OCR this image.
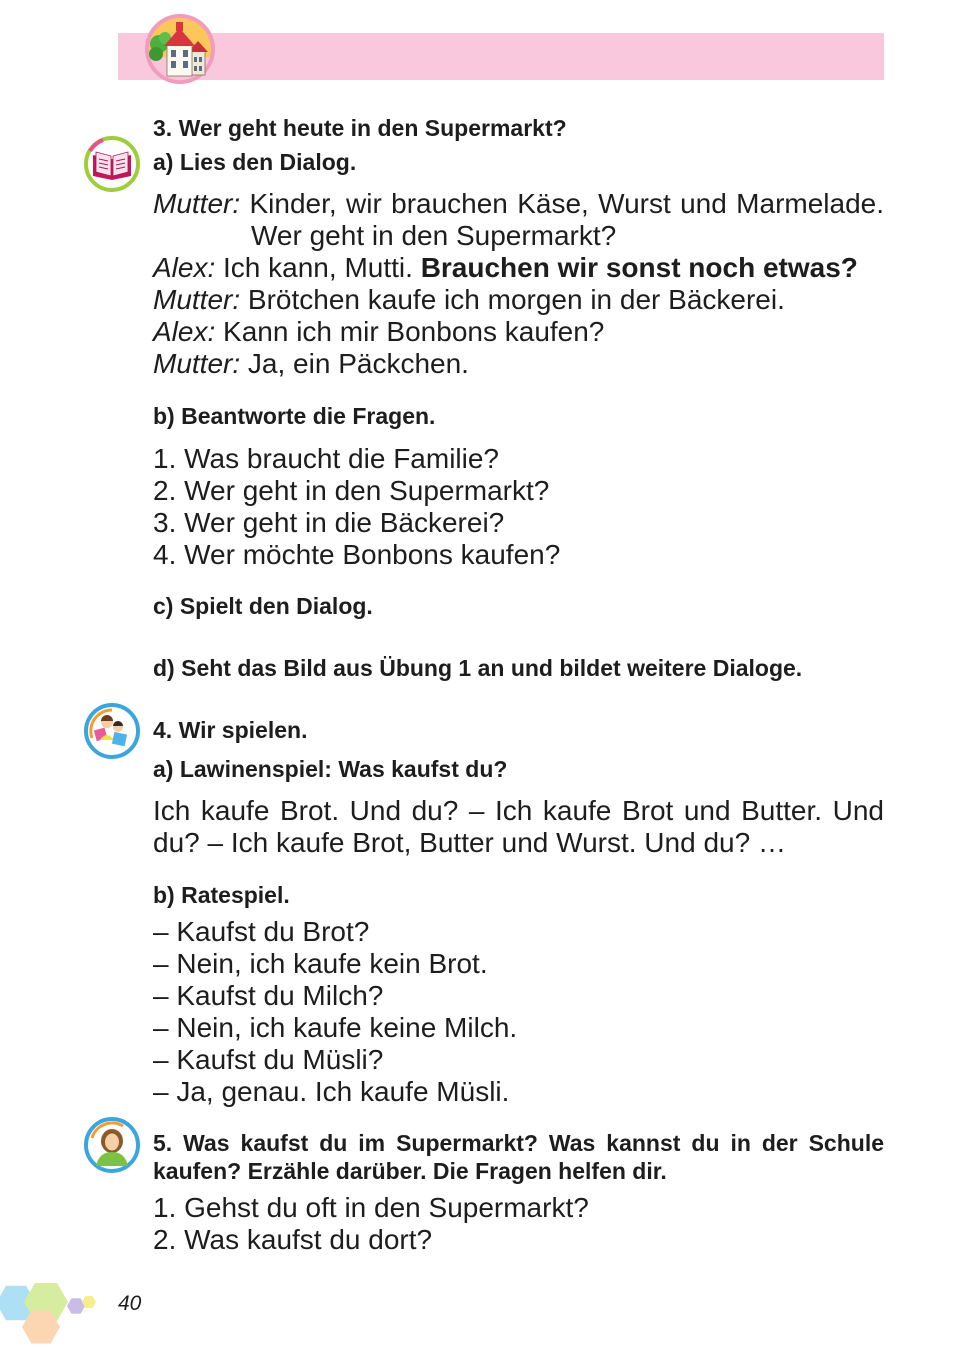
3. Wer geht heute in den Supermarkt?
a) Lies den Dialog.
Mutter: Kinder, wir brauchen Käse, Wurst und Marmelade.
Wer geht in den Supermarkt?
Alex: Ich kann, Mutti. Brauchen wir sonst noch etwas?
Mutter: Brötchen kaufe ich morgen in der Bäckerei.
Alex: Kann ich mir Bonbons kaufen?
Mutter: Ja, ein Päckchen.
b) Beantworte die Fragen.
1. Was braucht die Familie?
2. Wer geht in den Supermarkt?
3. Wer geht in die Bäckerei?
4. Wer möchte Bonbons kaufen?
c) Spielt den Dialog.
d) Seht das Bild aus Übung 1 an und bildet weitere Dialoge.
4. Wir spielen.
a) Lawinenspiel: Was kaufst du?
Ich kaufe Brot. Und du? – Ich kaufe Brot und Butter. Und
du? – Ich kaufe Brot, Butter und Wurst. Und du? …
b) Ratespiel.
– Kaufst du Brot?
– Nein, ich kaufe kein Brot.
– Kaufst du Milch?
– Nein, ich kaufe keine Milch.
– Kaufst du Müsli?
– Ja, genau. Ich kaufe Müsli.
5. Was kaufst du im Supermarkt? Was kannst du in der Schule
kaufen? Erzähle darüber. Die Fragen helfen dir.
1. Gehst du oft in den Supermarkt?
2. Was kaufst du dort?
40
